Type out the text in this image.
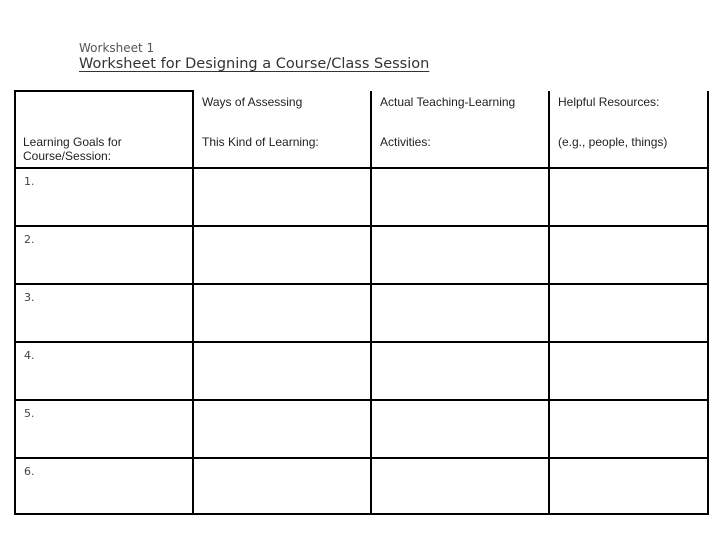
Worksheet 1
Worksheet for Designing a Course/Class Session

	Ways of Assessing	Actual Teaching-Learning	Helpful Resources:

Learning Goals for Course/Session:	This Kind of Learning:	Activities:	(e.g., people, things)

1.			

2.			

3.			

4.			

5.			

6.			
